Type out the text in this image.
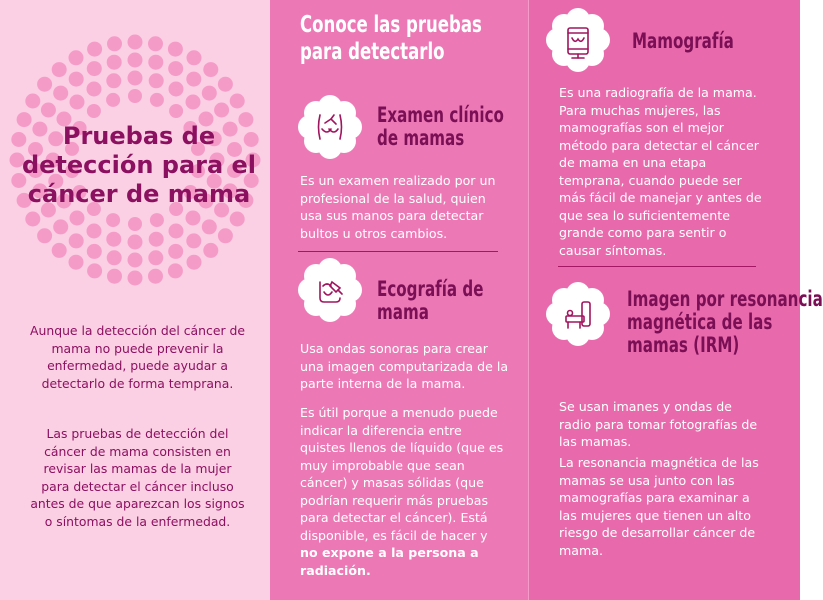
Pruebas de detección para el cáncer de mama
Aunque la detección del cáncer de mama no puede prevenir la enfermedad, puede ayudar a detectarlo de forma temprana.
Las pruebas de detección del cáncer de mama consisten en revisar las mamas de la mujer para detectar el cáncer incluso antes de que aparezcan los signos o síntomas de la enfermedad.
Conoce las pruebas
para detectarlo
Examen clínico
de mamas
Es un examen realizado por un profesional de la salud, quien usa sus manos para detectar bultos u otros cambios.
Ecografía de
mama
Usa ondas sonoras para crear una imagen computarizada de la parte interna de la mama.
Es útil porque a menudo puede indicar la diferencia entre quistes llenos de líquido (que es muy improbable que sean cáncer) y masas sólidas (que podrían requerir más pruebas para detectar el cáncer). Está disponible, es fácil de hacer y no expone a la persona a radiación.
Mamografía
Es una radiografía de la mama. Para muchas mujeres, las mamografías son el mejor método para detectar el cáncer de mama en una etapa temprana, cuando puede ser más fácil de manejar y antes de que sea lo suficientemente grande como para sentir o causar síntomas.
Imagen por resonancia
magnética de las
mamas (IRM)
Se usan imanes y ondas de radio para tomar fotografías de las mamas.
La resonancia magnética de las mamas se usa junto con las mamografías para examinar a las mujeres que tienen un alto riesgo de desarrollar cáncer de mama.
